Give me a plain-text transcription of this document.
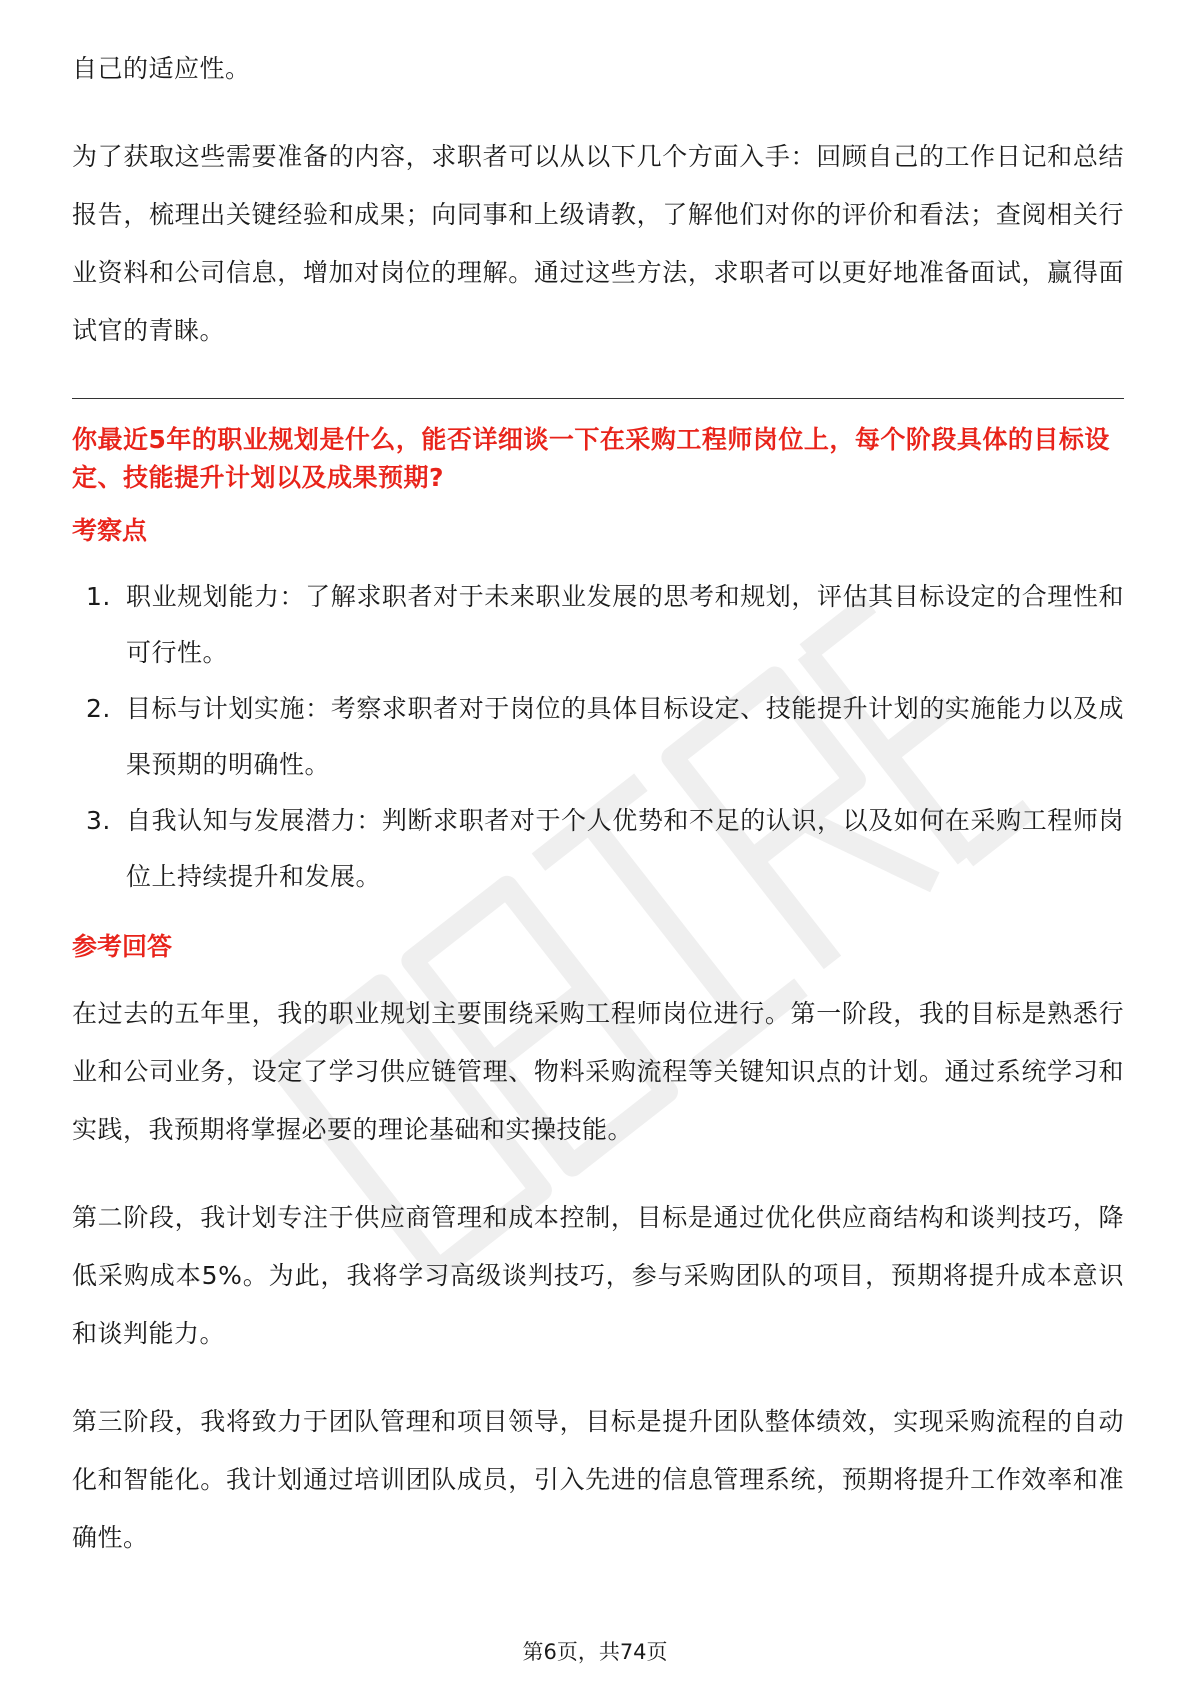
自己的适应性。

为了获取这些需要准备的内容，求职者可以从以下几个方面入手：回顾自己的工作日记和总结报告，梳理出关键经验和成果；向同事和上级请教，了解他们对你的评价和看法；查阅相关行业资料和公司信息，增加对岗位的理解。通过这些方法，求职者可以更好地准备面试，赢得面试官的青睐。

你最近5年的职业规划是什么，能否详细谈一下在采购工程师岗位上，每个阶段具体的目标设定、技能提升计划以及成果预期?

考察点
1. 职业规划能力：了解求职者对于未来职业发展的思考和规划，评估其目标设定的合理性和可行性。
2. 目标与计划实施：考察求职者对于岗位的具体目标设定、技能提升计划的实施能力以及成果预期的明确性。
3. 自我认知与发展潜力：判断求职者对于个人优势和不足的认识，以及如何在采购工程师岗位上持续提升和发展。
参考回答

在过去的五年里，我的职业规划主要围绕采购工程师岗位进行。第一阶段，我的目标是熟悉行业和公司业务，设定了学习供应链管理、物料采购流程等关键知识点的计划。通过系统学习和实践，我预期将掌握必要的理论基础和实操技能。

第二阶段，我计划专注于供应商管理和成本控制，目标是通过优化供应商结构和谈判技巧，降低采购成本5%。为此，我将学习高级谈判技巧，参与采购团队的项目，预期将提升成本意识和谈判能力。

第三阶段，我将致力于团队管理和项目领导，目标是提升团队整体绩效，实现采购流程的自动化和智能化。我计划通过培训团队成员，引入先进的信息管理系统，预期将提升工作效率和准确性。

第6页，共74页
